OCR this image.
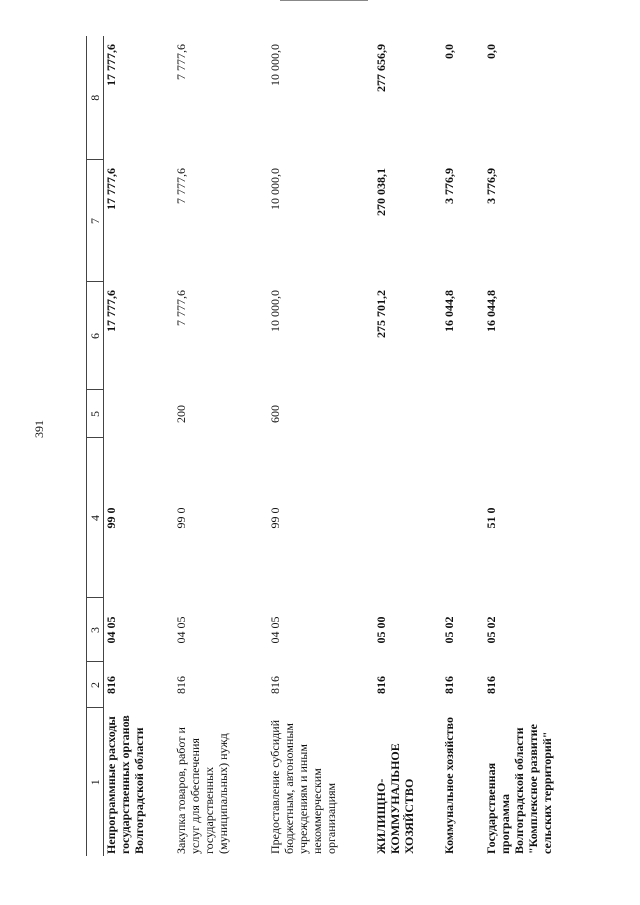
391
1	2	3	4	5	6	7	8
Непрограммные расходы государственных органов Волгоградской области	816	04 05	99 0		17 777,6	17 777,6	17 777,6
Закупка товаров, работ и услуг для обеспечения государственных (муниципальных) нужд	816	04 05	99 0	200	7 777,6	7 777,6	7 777,6
Предоставление субсидий бюджетным, автономным учреждениям и иным некоммерческим организациям	816	04 05	99 0	600	10 000,0	10 000,0	10 000,0
ЖИЛИЩНО-КОММУНАЛЬНОЕ ХОЗЯЙСТВО	816	05 00			275 701,2	270 038,1	277 656,9
Коммунальное хозяйство	816	05 02			16 044,8	3 776,9	0,0
Государственная программа Волгоградской области "Комплексное развитие сельских территорий"	816	05 02	51 0		16 044,8	3 776,9	0,0
